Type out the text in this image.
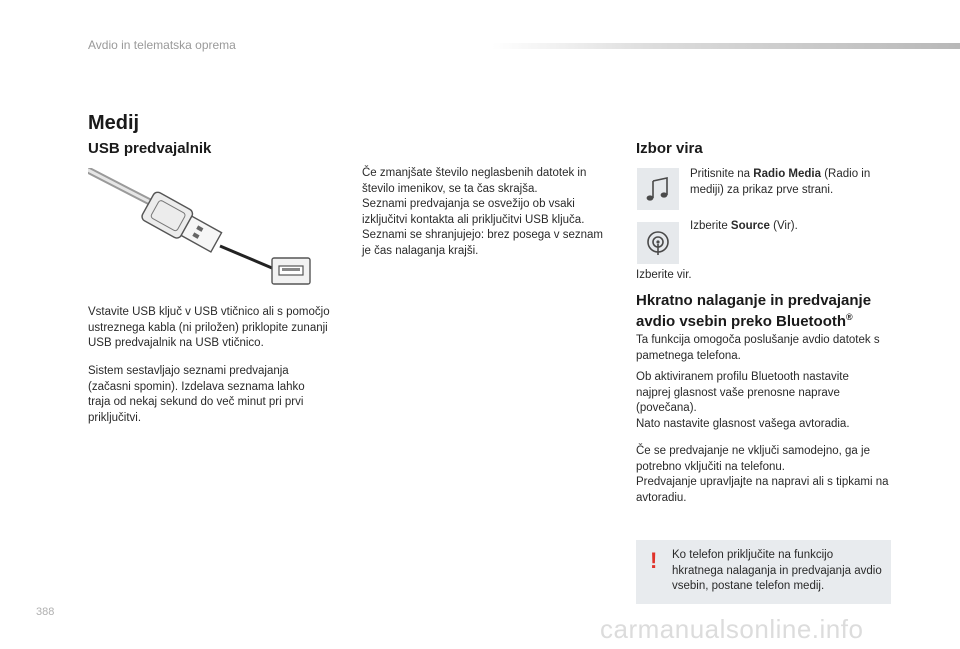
Avdio in telematska oprema
Medij
USB predvajalnik
Vstavite USB ključ v USB vtičnico ali s pomočjo ustreznega kabla (ni priložen) priklopite zunanji USB predvajalnik na USB vtičnico.
Sistem sestavljajo seznami predvajanja (začasni spomin). Izdelava seznama lahko traja od nekaj sekund do več minut pri prvi priključitvi.
Če zmanjšate število neglasbenih datotek in število imenikov, se ta čas skrajša.
Seznami predvajanja se osvežijo ob vsaki izključitvi kontakta ali priključitvi USB ključa.
Seznami se shranjujejo: brez posega v seznam je čas nalaganja krajši.
Izbor vira
Pritisnite na Radio Media (Radio in mediji) za prikaz prve strani.
Izberite Source (Vir).
Izberite vir.
Hkratno nalaganje in predvajanje
avdio vsebin preko Bluetooth®
Ta funkcija omogoča poslušanje avdio datotek s pametnega telefona.
Ob aktiviranem profilu Bluetooth nastavite najprej glasnost vaše prenosne naprave (povečana).
Nato nastavite glasnost vašega avtoradia.
Če se predvajanje ne vključi samodejno, ga je potrebno vključiti na telefonu.
Predvajanje upravljajte na napravi ali s tipkami na avtoradiu.
! Ko telefon priključite na funkcijo hkratnega nalaganja in predvajanja avdio vsebin, postane telefon medij.
388
carmanualsonline.info
